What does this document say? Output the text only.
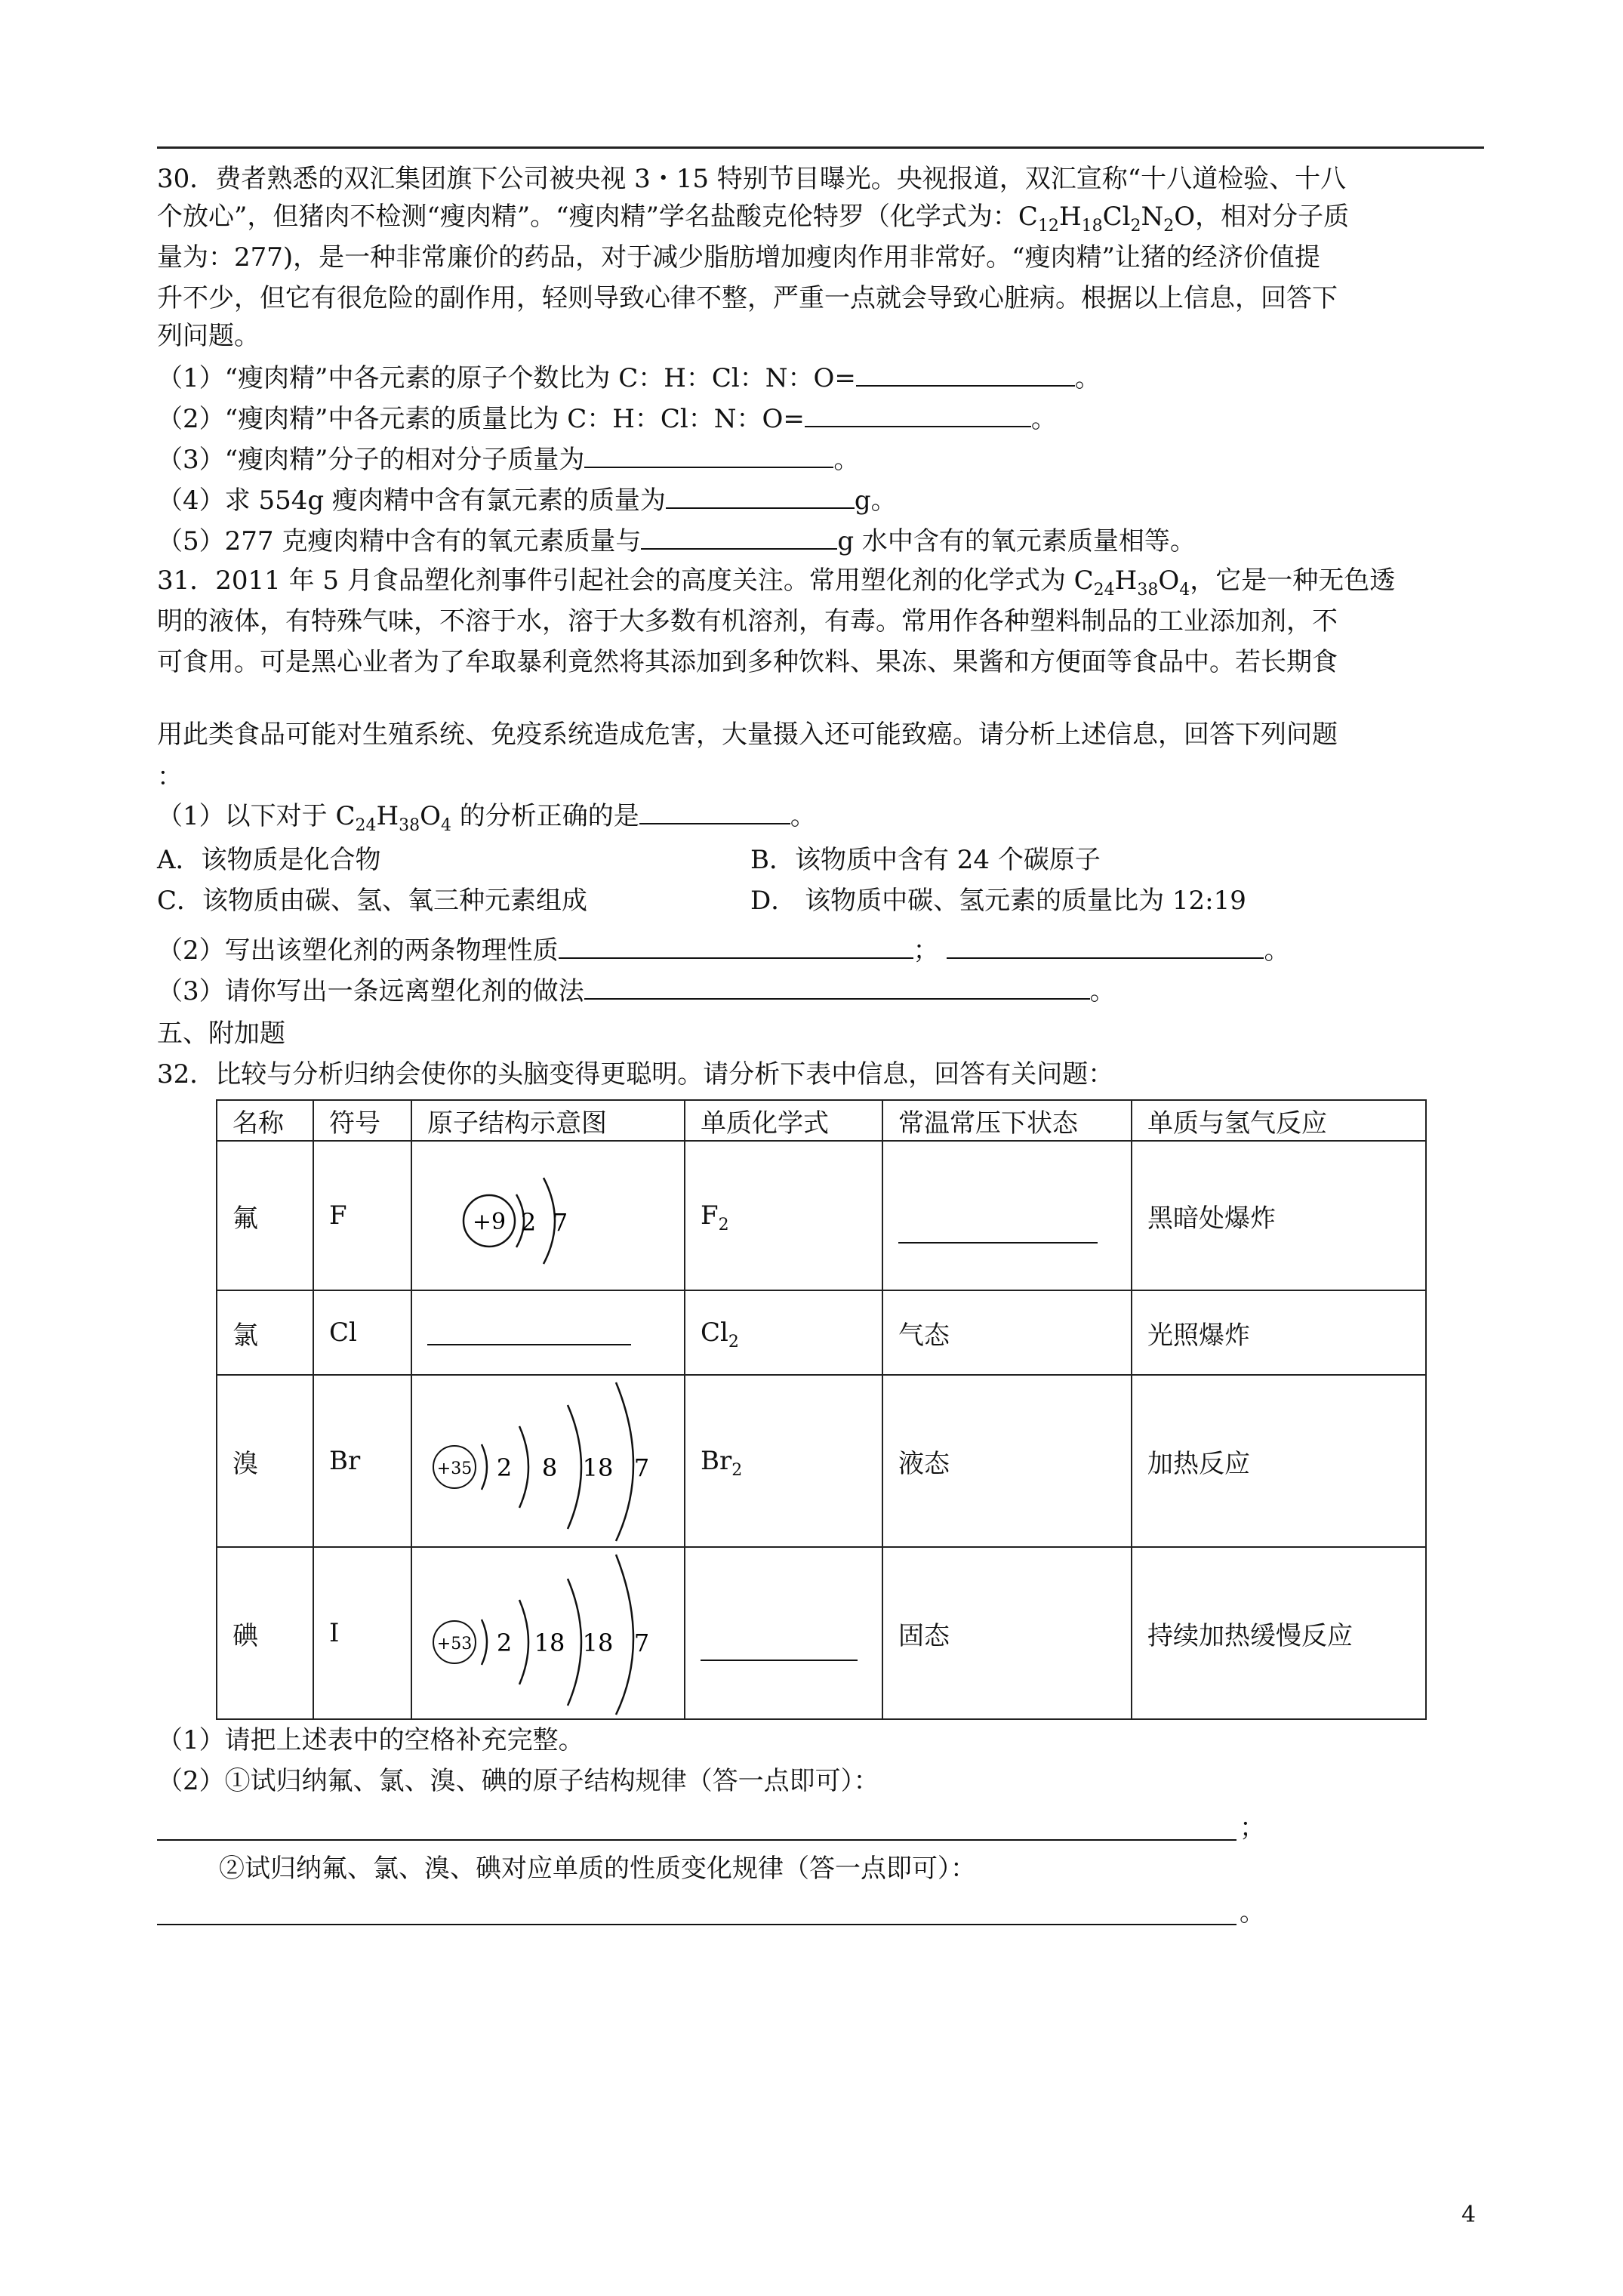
30．费者熟悉的双汇集团旗下公司被央视 3・15 特别节目曝光。央视报道，双汇宣称“十八道检验、十八
个放心”，但猪肉不检测“瘦肉精”。“瘦肉精”学名盐酸克伦特罗（化学式为：$C_{12}H_{18}Cl_2N_2O$，相对分子质
量为：277)，是一种非常廉价的药品，对于减少脂肪增加瘦肉作用非常好。“瘦肉精”让猪的经济价值提
升不少，但它有很危险的副作用，轻则导致心律不整，严重一点就会导致心脏病。根据以上信息，回答下
列问题。
（1）“瘦肉精”中各元素的原子个数比为 C：H：Cl：N：O=	。
（2）“瘦肉精”中各元素的质量比为 C：H：Cl：N：O=	。
（3）“瘦肉精”分子的相对分子质量为	。
（4）求 554g 瘦肉精中含有氯元素的质量为	g。
（5）277 克瘦肉精中含有的氧元素质量与	g 水中含有的氧元素质量相等。
31．2011 年 5 月食品塑化剂事件引起社会的高度关注。常用塑化剂的化学式为 $C_{24}H_{38}O_4$，它是一种无色透
明的液体，有特殊气味，不溶于水，溶于大多数有机溶剂，有毒。常用作各种塑料制品的工业添加剂，不
可食用。可是黑心业者为了牟取暴利竟然将其添加到多种饮料、果冻、果酱和方便面等食品中。若长期食
用此类食品可能对生殖系统、免疫系统造成危害，大量摄入还可能致癌。请分析上述信息，回答下列问题
：
（1）以下对于 $C_{24}H_{38}O_4$ 的分析正确的是	。
A．该物质是化合物	B．该物质中含有 24 个碳原子
C．该物质由碳、氢、氧三种元素组成	D． 该物质中碳、氢元素的质量比为 12:19
（2）写出该塑化剂的两条物理性质	；	。
（3）请你写出一条远离塑化剂的做法	。
五、附加题
32．比较与分析归纳会使你的头脑变得更聪明。请分析下表中信息，回答有关问题：
名称	符号	原子结构示意图	单质化学式	常温常压下状态	单质与氢气反应
氟	F	+9 2 7	$F_2$		黑暗处爆炸
氯	Cl		$Cl_2$	气态	光照爆炸
溴	Br	+35 2 8 18 7	$Br_2$	液态	加热反应
碘	I	+53 2 18 18 7		固态	持续加热缓慢反应
（1）请把上述表中的空格补充完整。
（2）①试归纳氟、氯、溴、碘的原子结构规律（答一点即可）：
；
②试归纳氟、氯、溴、碘对应单质的性质变化规律（答一点即可）：
。
4
